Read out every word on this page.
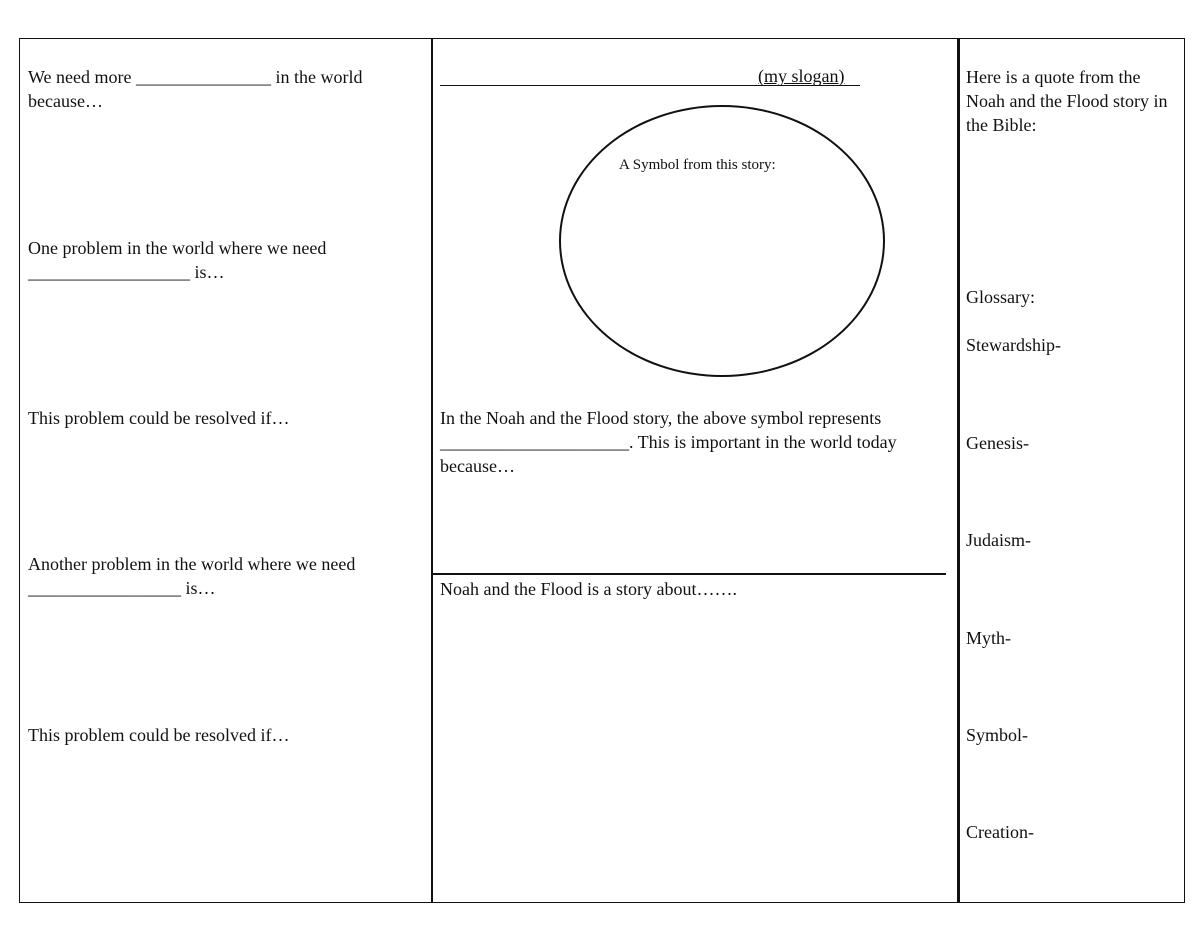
We need more _______________ in the world because…
One problem in the world where we need __________________ is…
This problem could be resolved if…
Another problem in the world where we need _________________ is…
This problem could be resolved if…
(my slogan)
A Symbol from this story:
In the Noah and the Flood story, the above symbol represents _____________________. This is important in the world today because…
Noah and the Flood is a story about…….
Here is a quote from the Noah and the Flood story in the Bible:
Glossary:
Stewardship-
Genesis-
Judaism-
Myth-
Symbol-
Creation-
